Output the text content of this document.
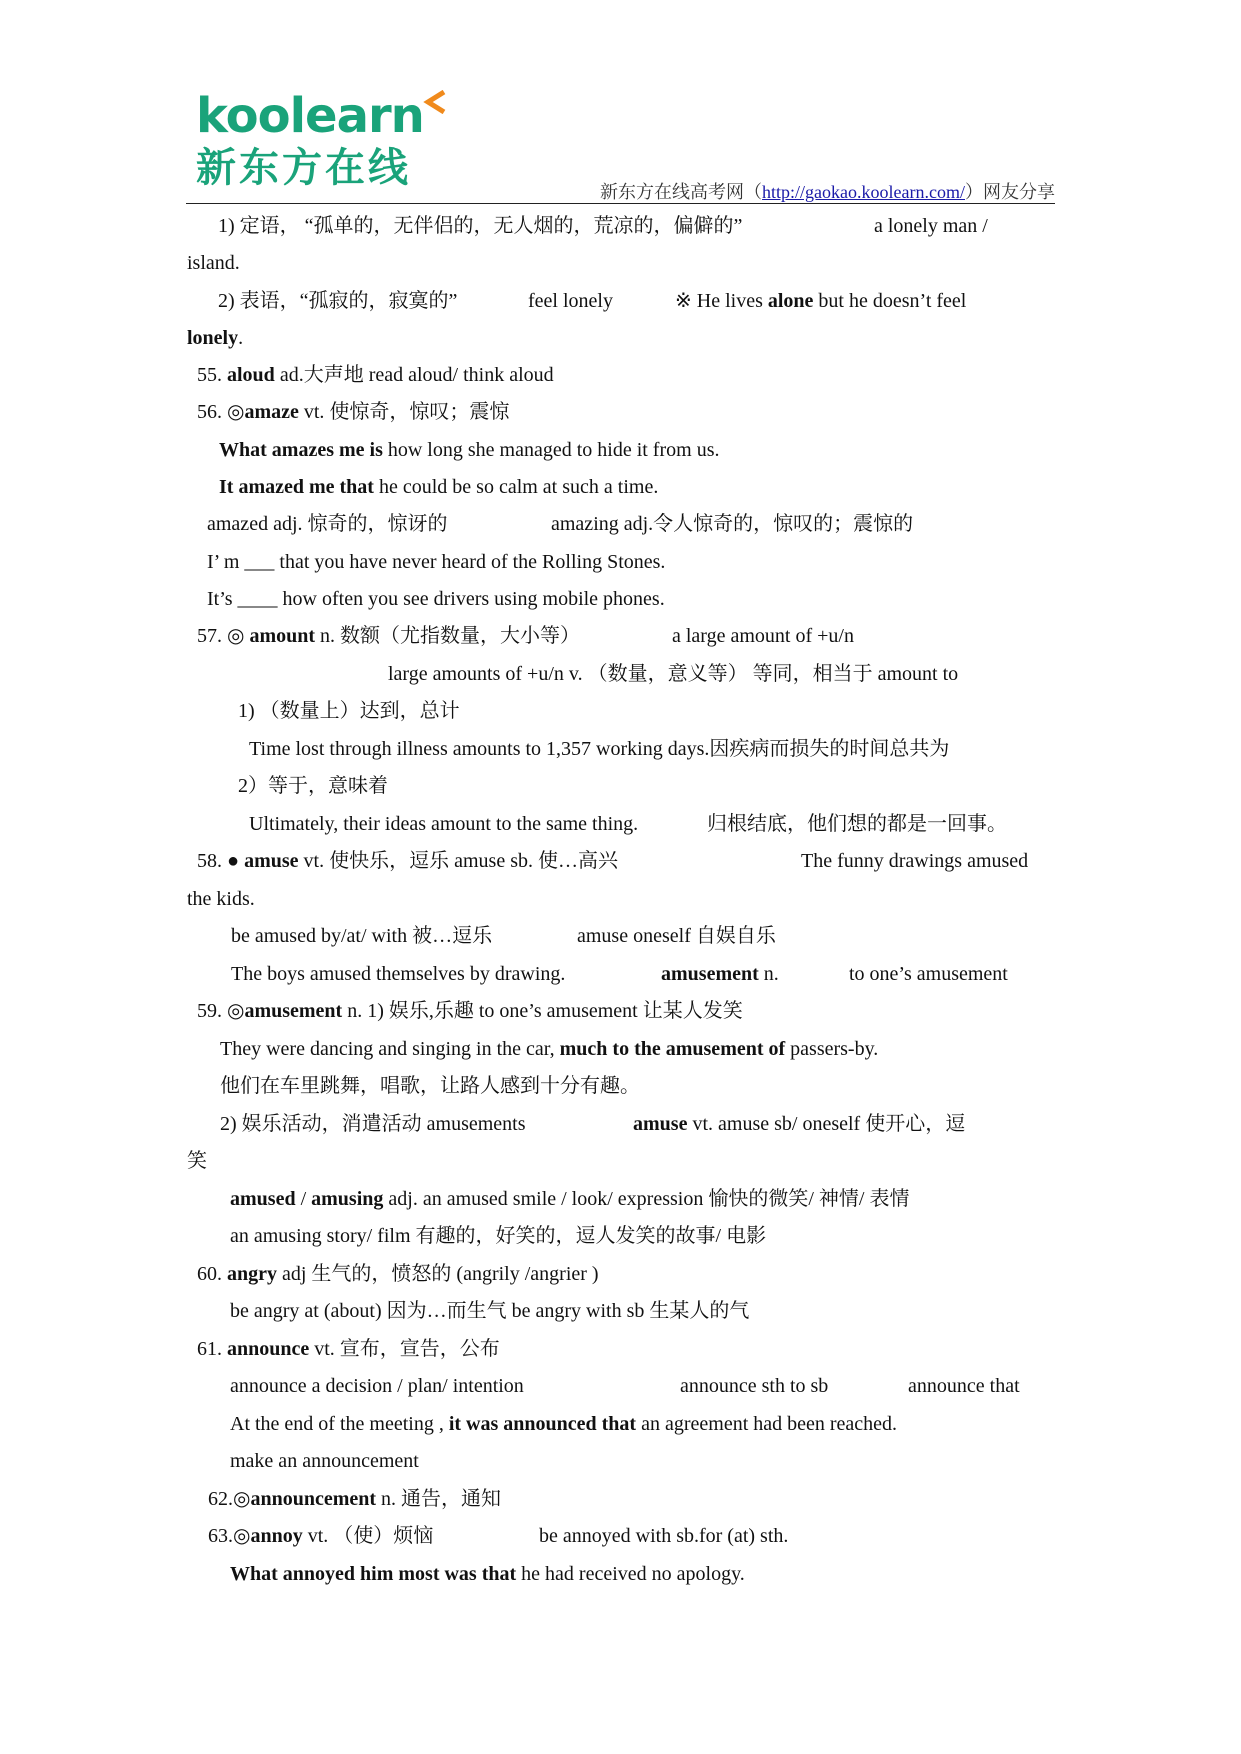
koolearn
新东方在线
新东方在线高考网（http://gaokao.koolearn.com/）网友分享
1) 定语， “孤单的，无伴侣的，无人烟的，荒凉的，偏僻的”	a lonely man /
island.
2) 表语，“孤寂的，寂寞的”	feel lonely	※ He lives alone but he doesn’t feel
lonely.
55. aloud ad.大声地 read aloud/ think aloud
56. ◎amaze vt. 使惊奇，惊叹；震惊
What amazes me is how long she managed to hide it from us.
It amazed me that he could be so calm at such a time.
amazed adj. 惊奇的，惊讶的	amazing adj.令人惊奇的，惊叹的；震惊的
I’ m ___ that you have never heard of the Rolling Stones.
It’s ____ how often you see drivers using mobile phones.
57. ◎ amount n. 数额（尤指数量，大小等）	a large amount of +u/n
large amounts of +u/n v. （数量，意义等） 等同，相当于 amount to
1) （数量上）达到，总计
Time lost through illness amounts to 1,357 working days.因疾病而损失的时间总共为
2）等于，意味着
Ultimately, their ideas amount to the same thing.	归根结底，他们想的都是一回事。
58. ● amuse vt. 使快乐，逗乐 amuse sb. 使…高兴	The funny drawings amused
the kids.
be amused by/at/ with 被…逗乐	amuse oneself 自娱自乐
The boys amused themselves by drawing.	amusement n.	to one’s amusement
59. ◎amusement n. 1) 娱乐,乐趣 to one’s amusement 让某人发笑
They were dancing and singing in the car, much to the amusement of passers-by.
他们在车里跳舞，唱歌，让路人感到十分有趣。
2) 娱乐活动，消遣活动 amusements	amuse vt. amuse sb/ oneself 使开心，逗
笑
amused / amusing adj. an amused smile / look/ expression 愉快的微笑/ 神情/ 表情
an amusing story/ film 有趣的，好笑的，逗人发笑的故事/ 电影
60. angry adj 生气的，愤怒的 (angrily /angrier )
be angry at (about) 因为…而生气 be angry with sb 生某人的气
61. announce vt. 宣布，宣告，公布
announce a decision / plan/ intention	announce sth to sb	announce that
At the end of the meeting , it was announced that an agreement had been reached.
make an announcement
62.◎announcement n. 通告，通知
63.◎annoy vt. （使）烦恼	be annoyed with sb.for (at) sth.
What annoyed him most was that he had received no apology.
